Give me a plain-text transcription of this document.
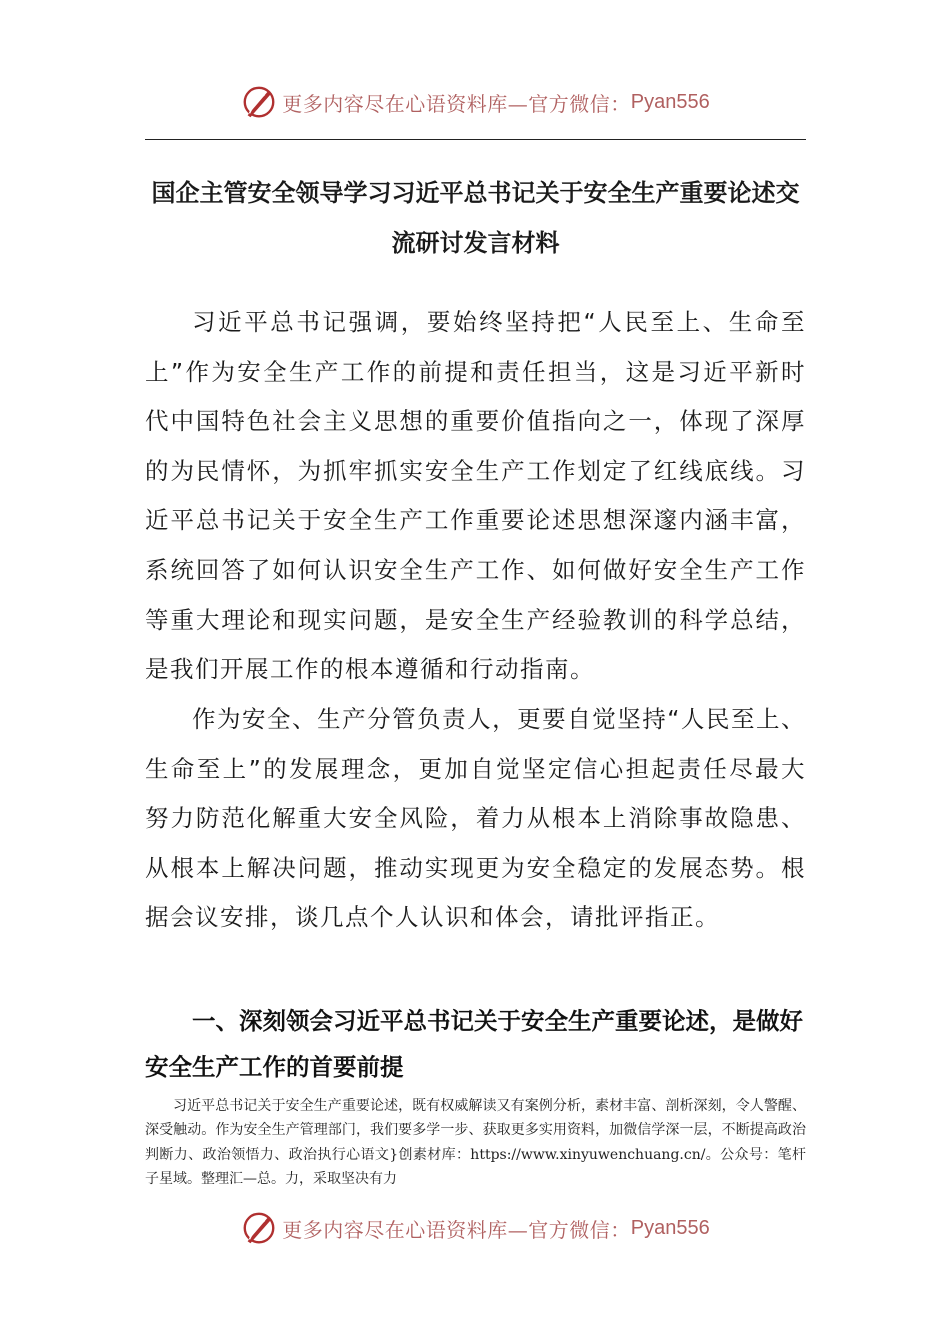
更多内容尽在心语资料库—官方微信： Pyan556
国企主管安全领导学习习近平总书记关于安全生产重要论述交流研讨发言材料

习近平总书记强调，要始终坚持把“人民至上、生命至上”作为安全生产工作的前提和责任担当，这是习近平新时代中国特色社会主义思想的重要价值指向之一，体现了深厚的为民情怀，为抓牢抓实安全生产工作划定了红线底线。习近平总书记关于安全生产工作重要论述思想深邃内涵丰富，系统回答了如何认识安全生产工作、如何做好安全生产工作等重大理论和现实问题，是安全生产经验教训的科学总结，是我们开展工作的根本遵循和行动指南。

作为安全、生产分管负责人，更要自觉坚持“人民至上、生命至上”的发展理念，更加自觉坚定信心担起责任尽最大努力防范化解重大安全风险，着力从根本上消除事故隐患、从根本上解决问题，推动实现更为安全稳定的发展态势。根据会议安排，谈几点个人认识和体会，请批评指正。

一、深刻领会习近平总书记关于安全生产重要论述，是做好安全生产工作的首要前提

习近平总书记关于安全生产重要论述，既有权威解读又有案例分析，素材丰富、剖析深刻，令人警醒、深受触动。作为安全生产管理部门，我们要多学一步、获取更多实用资料，加微信学深一层，不断提高政治判断力、政治领悟力、政治执行心语文}创素材库：https://www.xinyuwenchuang.cn/。公众号：笔杆子星域。整理汇—总。力，采取坚决有力

更多内容尽在心语资料库—官方微信： Pyan556
